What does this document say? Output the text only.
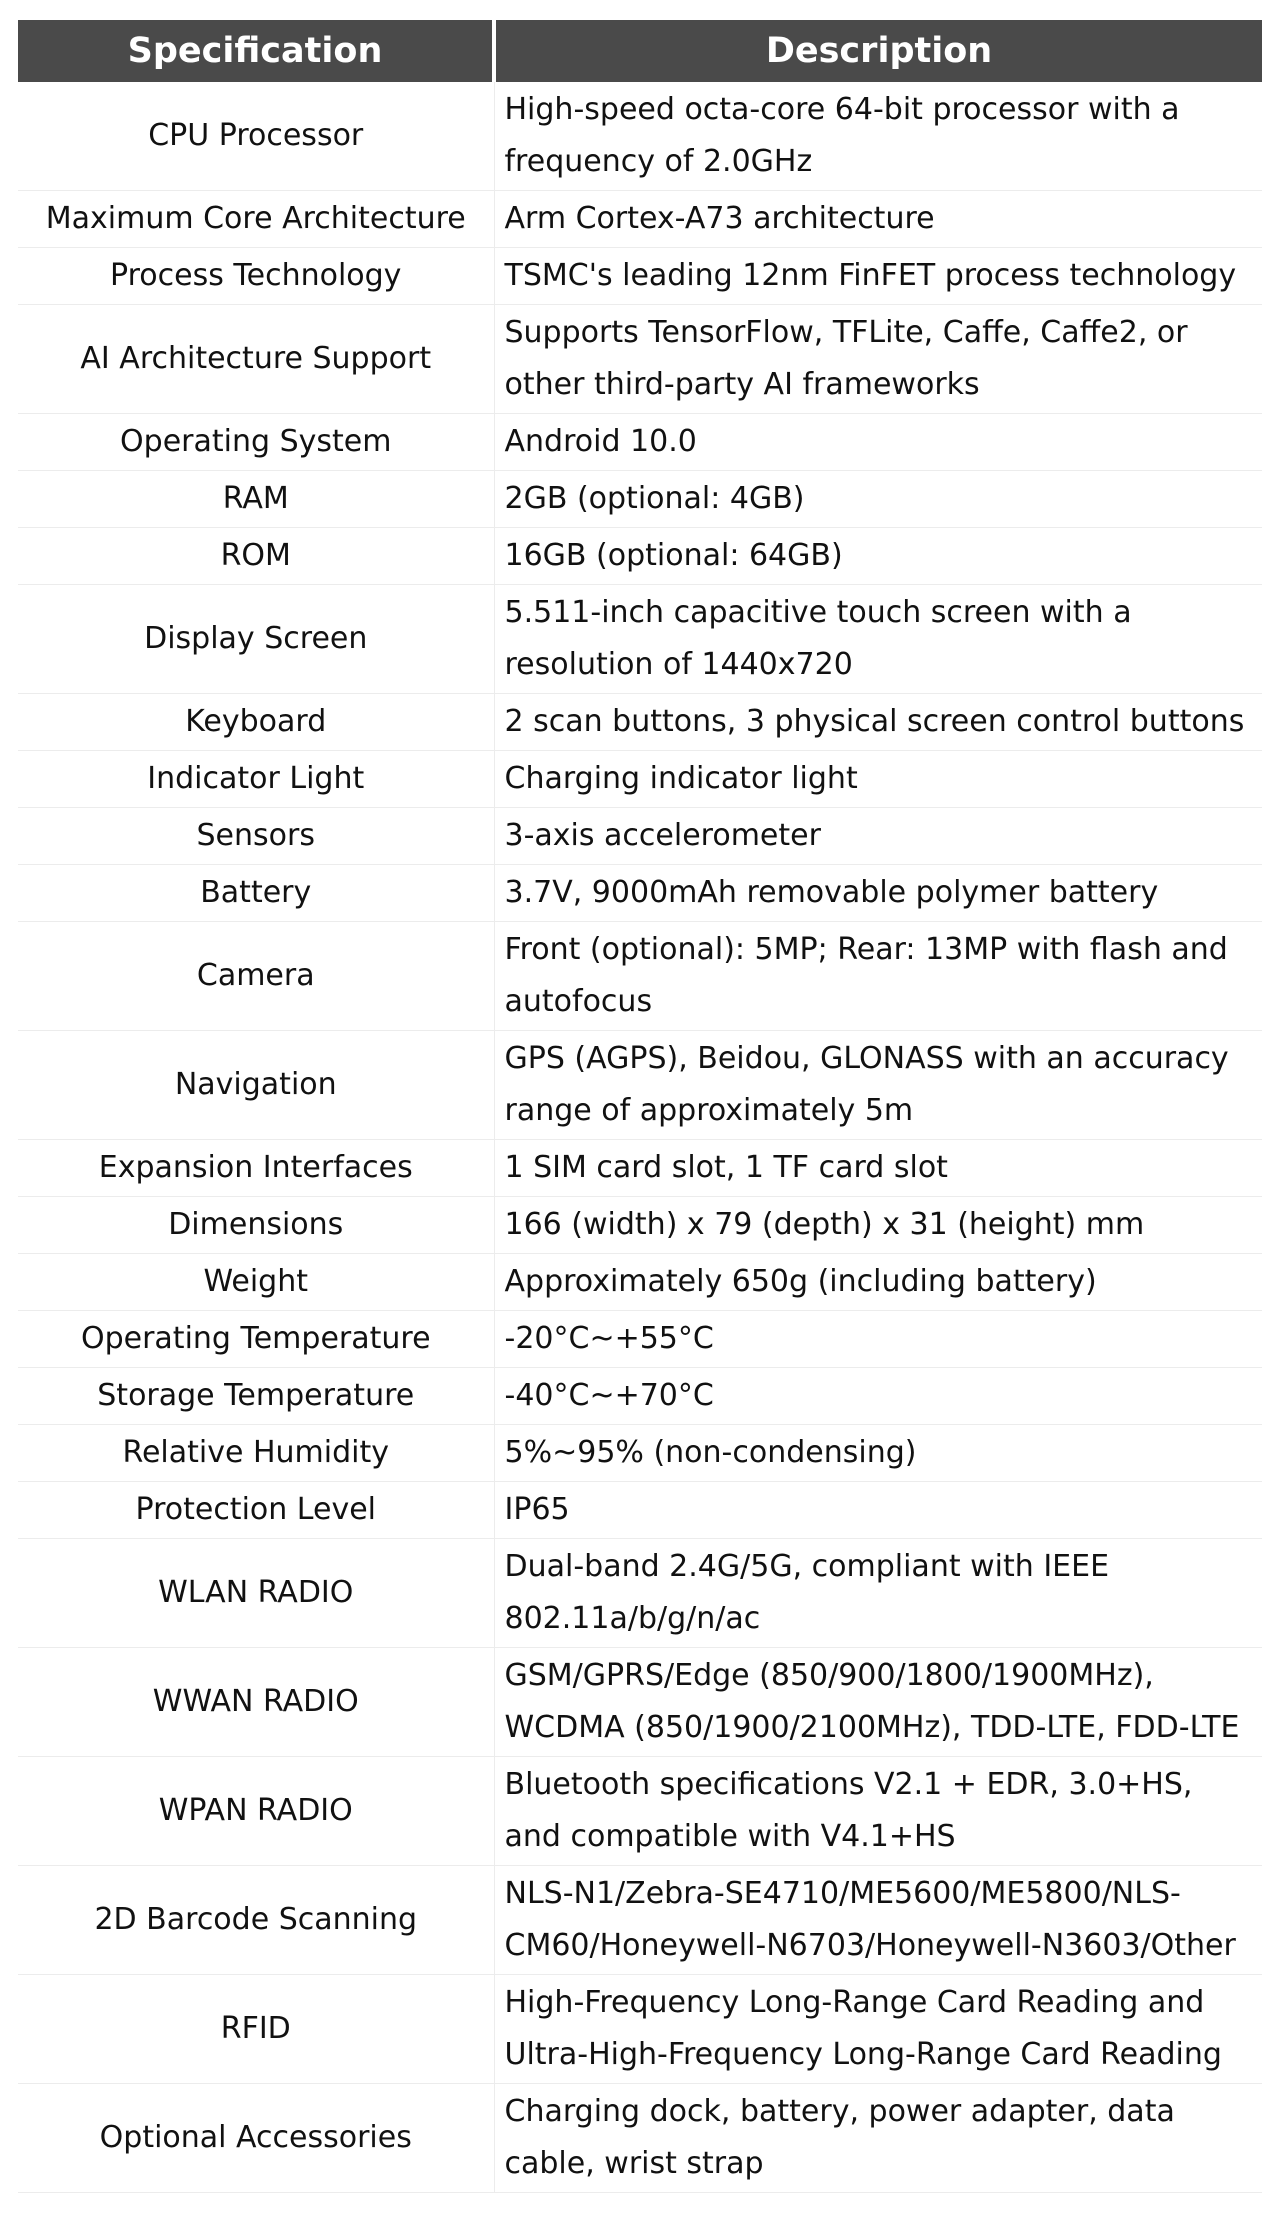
Specification	Description
CPU Processor	High-speed octa-core 64-bit processor with a frequency of 2.0GHz
Maximum Core Architecture	Arm Cortex-A73 architecture
Process Technology	TSMC's leading 12nm FinFET process technology
AI Architecture Support	Supports TensorFlow, TFLite, Caffe, Caffe2, or other third-party AI frameworks
Operating System	Android 10.0
RAM	2GB (optional: 4GB)
ROM	16GB (optional: 64GB)
Display Screen	5.511-inch capacitive touch screen with a resolution of 1440x720
Keyboard	2 scan buttons, 3 physical screen control buttons
Indicator Light	Charging indicator light
Sensors	3-axis accelerometer
Battery	3.7V, 9000mAh removable polymer battery
Camera	Front (optional): 5MP; Rear: 13MP with flash and autofocus
Navigation	GPS (AGPS), Beidou, GLONASS with an accuracy range of approximately 5m
Expansion Interfaces	1 SIM card slot, 1 TF card slot
Dimensions	166 (width) x 79 (depth) x 31 (height) mm
Weight	Approximately 650g (including battery)
Operating Temperature	-20°C~+55°C
Storage Temperature	-40°C~+70°C
Relative Humidity	5%~95% (non-condensing)
Protection Level	IP65
WLAN RADIO	Dual-band 2.4G/5G, compliant with IEEE 802.11a/b/g/n/ac
WWAN RADIO	GSM/GPRS/Edge (850/900/1800/1900MHz), WCDMA (850/1900/2100MHz), TDD-LTE, FDD-LTE
WPAN RADIO	Bluetooth specifications V2.1 + EDR, 3.0+HS, and compatible with V4.1+HS
2D Barcode Scanning	NLS-N1/Zebra-SE4710/ME5600/ME5800/NLS-CM60/Honeywell-N6703/Honeywell-N3603/Other
RFID	High-Frequency Long-Range Card Reading and Ultra-High-Frequency Long-Range Card Reading
Optional Accessories	Charging dock, battery, power adapter, data cable, wrist strap
